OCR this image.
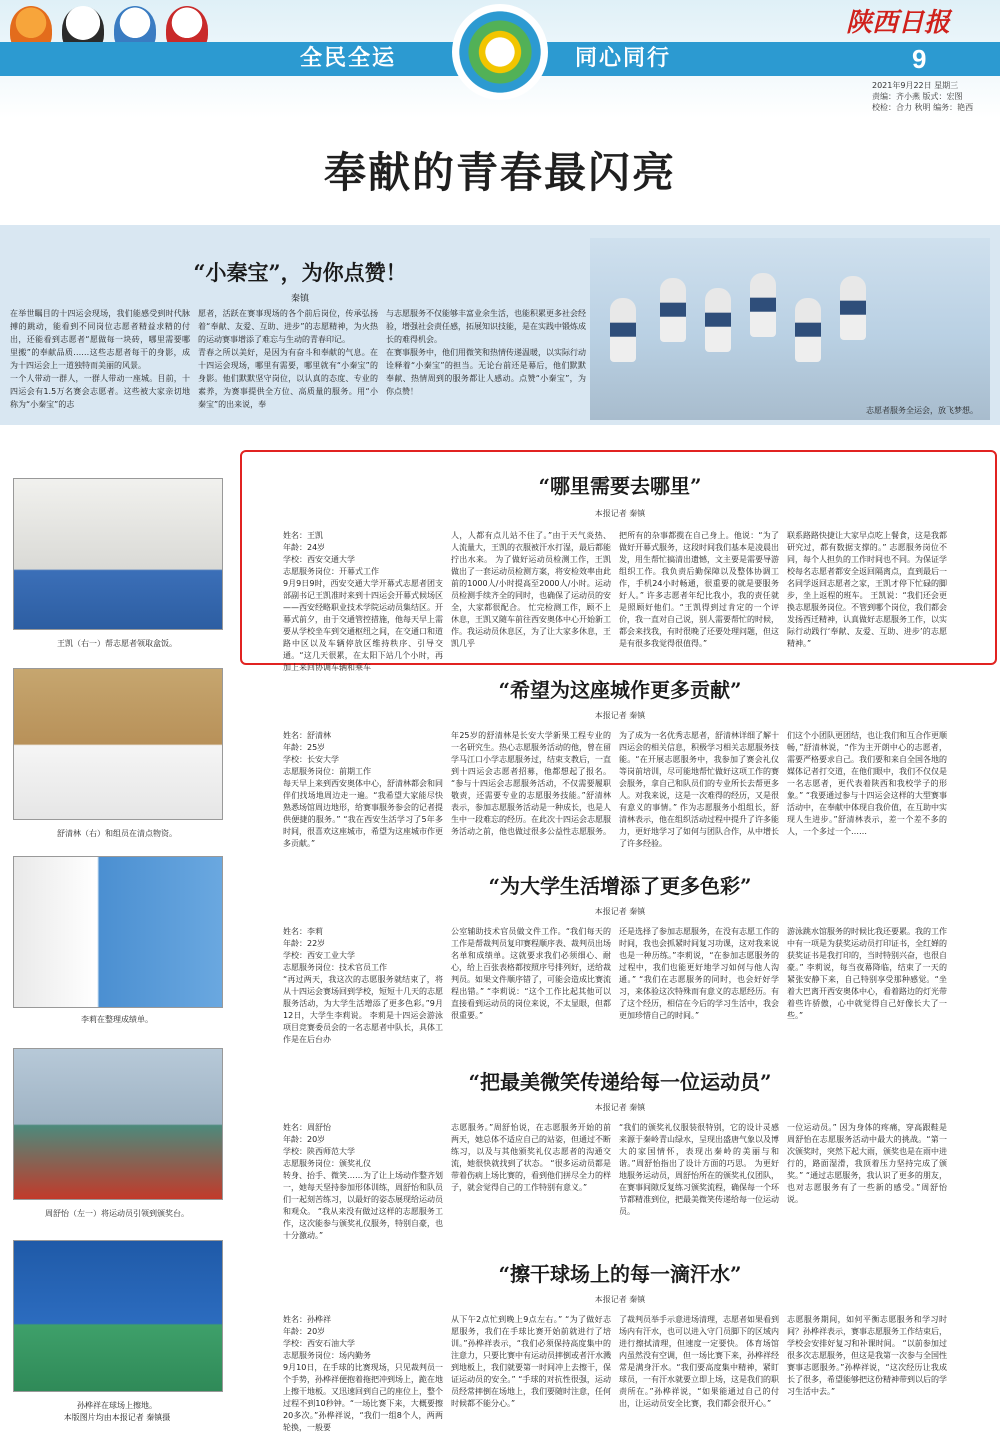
全民全运	同心同行
陕西日报
9
2021年9月22日 星期三
责编：齐小燕 版式：宏图
校检：合力 秋明 编务：艳西
奉献的青春最闪亮
“小秦宝”，为你点赞！
秦镇
在举世瞩目的十四运会现场，我们能感受到时代脉搏的跳动，能看到不同岗位志愿者精益求精的付出，还能看到志愿者“愿做每一块砖，哪里需要哪里搬”的奉献品质……这些志愿者每干的身影，成为十四运会上一道独特而美丽的风景。
一个人带动一群人，一群人带动一座城。目前，十四运会有1.5万名赛会志愿者。这些被大家亲切地称为“小秦宝”的志
愿者，活跃在赛事现场的各个前后岗位，传承弘扬着“奉献、友爱、互助、进步”的志愿精神，为火热的运动赛事增添了难忘与生动的青春印记。
青春之所以美好，是因为有奋斗和奉献的气息。在十四运会现场，哪里有需要，哪里就有“小秦宝”的身影。他们默默坚守岗位，以认真的态度、专业的素养，为赛事提供全方位、高质量的服务。用“小秦宝”的出来说，奉
与志愿服务不仅能够丰富业余生活，也能积累更多社会经验，增强社会责任感，拓展知识技能，是在实践中锻炼成长的难得机会。
在赛事服务中，他们用微笑和热情传递温暖，以实际行动诠释着“小秦宝”的担当。无论台前还是幕后，他们默默奉献、热情周到的服务都让人感动。点赞“小秦宝”，为你点赞！
志愿者服务全运会，放飞梦想。
王凯（右一）帮志愿者领取盒饭。
舒清林（右）和组员在清点物资。
李莉在整理成绩单。
周舒怡（左一）将运动员引领到颁奖台。
孙桦祥在球场上擦地。
本版图片均由本报记者 秦镇摄
“哪里需要去哪里”
本报记者 秦镇
姓名：王凯
年龄：24岁
学校：西安交通大学
志愿服务岗位：开幕式工作
9月9日9时，西安交通大学开幕式志愿者团支部副书记王凯准时来到十四运会开幕式候场区——西安经略职业技术学院运动员集结区。开幕式前夕，由于交通管控措施，他每天早上需要从学校坐车到交通枢纽之间，在交通口和道路中区以及车辆停放区维持秩序、引导交通。“这几天很累，在太阳下站几个小时，再加上来回协调车辆和乘车
人，人都有点儿站不住了。”由于天气炎热、人流量大，王凯的衣服被汗水打湿，最后都能拧出水来。 为了做好运动员检测工作，王凯做出了一套运动员检测方案，将安检效率由此前的1000人/小时提高至2000人/小时。运动员检测手续齐全的同时，也确保了运动员的安全，大家都很配合。 忙完检测工作，顾不上休息，王凯又随车前往西安奥体中心开始新工作。我运动员休息区，为了让大家多休息，王凯几乎
把所有的杂事都揽在自己身上。他说：“为了做好开幕式服务，这段时间我们基本是凌晨出发，用生帮忙搞清出遗憾，文主要是需要导游组织工作。我负责后勤保障以及整体协调工作，手机24小时畅通，很重要的就是要服务好人。” 许多志愿者年纪比我小，我的责任就是照顾好他们。“王凯得到过肯定的一个评价，我一直对自己说，别人需要帮忙的时候，都会来找我，有时很晚了还要处理问题，但这是有很多我觉得很值得。”
联系路路快捷让大家早点吃上餐食，这是我都研究过，都有数据支撑的。” 志愿服务岗位不同，每个人担负的工作时间也不同。为保证学校每名志愿者都安全返回隔离点，直到最后一名同学返回志愿者之家，王凯才停下忙碌的脚步，坐上返程的班车。 王凯说：“我们还会更换志愿服务岗位。不管到哪个岗位，我们都会发扬西迁精神，认真做好志愿服务工作，以实际行动践行‘奉献、友爱、互助、进步’的志愿精神。”
“希望为这座城作更多贡献”
本报记者 秦镇
姓名：舒清林
年龄：25岁
学校：长安大学
志愿服务岗位：前期工作
每天早上来到西安奥体中心，舒清林都会和同伴们找场地周边走一遍。“我希望大家能尽快熟悉场馆周边地形，给赛事服务参会的记者提供便捷的服务。” “我在西安生活学习了5年多时间，很喜欢这座城市，希望为这座城市作更多贡献。”
年25岁的舒清林是长安大学新果工程专业的一名研究生。热心志愿服务活动的他，曾在留学马江口小学志愿服务过，结束支教后，一直到十四运会志愿者招募，他都想起了报名。 “参与十四运会志愿服务活动，不仅需要履职敬责，还需要专业的志愿服务技能。”舒清林表示，参加志愿服务活动是一种成长，也是人生中一段难忘的经历。在此次十四运会志愿服务活动之前，他也做过很多公益性志愿服务。
为了成为一名优秀志愿者，舒清林详细了解十四运会的相关信息，积极学习相关志愿服务技能。“在开展志愿服务中，我参加了赛会礼仪等岗前培训，尽可能地帮忙做好这项工作的赛会服务，拿自己和队员们的专业所长去帮更多人。对我来说，这是一次难得的经历，又是很有意义的事情。” 作为志愿服务小组组长，舒清林表示，他在组织活动过程中提升了许多能力，更好地学习了如何与团队合作，从中增长了许多经验。
们这个小团队更团结，也让我们和互合作更顺畅，”舒清林说，“作为主开朗中心的志愿者，需要严格要求自己。我们要和来自全国各地的媒体记者打交道，在他们眼中，我们不仅仅是一名志愿者，更代表着陕西和我校学子的形象。” “我要通过参与十四运会这样的大型赛事活动中，在奉献中体现自我价值，在互助中实现人生进步。”舒清林表示，差一个差不多的人，一个多过一个……
“为大学生活增添了更多色彩”
本报记者 秦镇
姓名：李莉
年龄：22岁
学校：西安工业大学
志愿服务岗位：技术官员工作
“再过两天，我这次的志愿服务就结束了，将从十四运会赛场回到学校，短短十几天的志愿服务活动，为大学生活增添了更多色彩。”9月12日，大学生李莉说。 李莉是十四运会游泳项目竞赛委员会的一名志愿者中队长，具体工作是在后台办
公室辅助技术官员做文件工作。“我们每天的工作是帮裁判员复印赛程顺序表、裁判员出场名单和成绩单。这就要求我们必须细心、耐心，给上百张表格都按照序号排列好，送给裁判员。如果文件顺序错了，可能会造成比赛流程出错。” “李莉说：“这个工作比起其他可以直接看到运动员的岗位来说，不太显眼，但都很重要。”
还是选择了参加志愿服务，在没有志愿工作的时间，我也会抓紧时间复习功课，这对我来说也是一种历练。”李莉说，“在参加志愿服务的过程中，我们也能更好地学习如何与他人沟通。” “我们在志愿服务的同时，也会好好学习，来体验这次特殊而有意义的志愿经历。有了这个经历，相信在今后的学习生活中，我会更加珍惜自己的时间。”
游泳跳水馆服务的时候比我还要累。我的工作中有一项是为获奖运动员打印证书，全红婵的获奖证书是我打印的，当时特别兴奋，也很自豪。” 李莉说，每当夜幕降临，结束了一天的紧张安静下来，自己特别享受那种感觉。“坐着大巴离开西安奥体中心，看着路边的灯光带着些许骄傲，心中就觉得自己好像长大了一些。”
“把最美微笑传递给每一位运动员”
本报记者 秦镇
姓名：周舒怡
年龄：20岁
学校：陕西师范大学
志愿服务岗位：颁奖礼仪
转身、抬手、微笑……为了让上场动作整齐划一，她每天坚持参加形体训练，周舒怡和队员们一起刻苦练习，以最好的姿态展现给运动员和观众。 “我从来没有做过这样的志愿服务工作，这次能参与颁奖礼仪服务，特别自豪，也十分激动。”
志愿服务。”周舒怡说，在志愿服务开始的前两天，她总体不适应自己的站姿，但通过不断练习，以及与其他颁奖礼仪志愿者的沟通交流，她很快就找到了状态。 “很多运动员都是带着伤病上场比赛的，看到他们拼尽全力的样子，就会觉得自己的工作特别有意义。”
“我们的颁奖礼仪服装很特别，它的设计灵感来源于秦岭青山绿水，呈现出盛唐气象以及博大的家国情怀，表现出秦岭的美丽与和谐。”周舒怡指出了设计方面的巧思。 为更好地服务运动员，周舒怡所在的颁奖礼仪团队，在赛事间隙反复练习颁奖流程，确保每一个环节都精准到位，把最美微笑传递给每一位运动员。
一位运动员。” 因为身体的疼痛，穿高跟鞋是周舒怡在志愿服务活动中最大的挑战。“第一次颁奖时，突然下起大雨，颁奖也是在雨中进行的，路面湿滑，我顶着压力坚持完成了颁奖。” “通过志愿服务，我认识了更多的朋友，也对志愿服务有了一些新的感受。”周舒怡说。
“擦干球场上的每一滴汗水”
本报记者 秦镇
姓名：孙桦祥
年龄：20岁
学校：西安石油大学
志愿服务岗位：场内勤务
9月10日，在手球的比赛现场，只见裁判员一个手势，孙桦祥便抱着拖把冲到场上，跪在地上擦干地板。又迅速回到自己的座位上，整个过程不到10秒钟。“一场比赛下来，大概要擦20多次。”孙桦祥说，“我们一组8个人，两两轮换，一般要
从下午2点忙到晚上9点左右。” “为了做好志愿服务，我们在手球比赛开始前就进行了培训。”孙桦祥表示，“我们必须保持高度集中的注意力，只要比赛中有运动员摔倒或者汗水溅到地板上，我们就要第一时间冲上去擦干，保证运动员的安全。” “手球的对抗性很强，运动员经常摔倒在场地上，我们要随时注意，任何时候都不能分心。”
了裁判员举手示意进场清理，志愿者如果看到场内有汗水，也可以进入守门员脚下的区域内进行擦拭清理，但速度一定要快。 体育场馆内虽然没有空调，但一场比赛下来，孙桦祥经常是满身汗水。“我们要高度集中精神，紧盯球员，一有汗水就要立即上场，这是我们的职责所在。”孙桦祥说，“如果能通过自己的付出，让运动员安全比赛，我们都会很开心。”
志愿服务期间，如何平衡志愿服务和学习时间？孙桦祥表示，赛事志愿服务工作结束后，学校会安排好复习和补课时间。 “以前参加过很多次志愿服务，但这是我第一次参与全国性赛事志愿服务。”孙桦祥说，“这次经历让我成长了很多，希望能够把这份精神带到以后的学习生活中去。”
